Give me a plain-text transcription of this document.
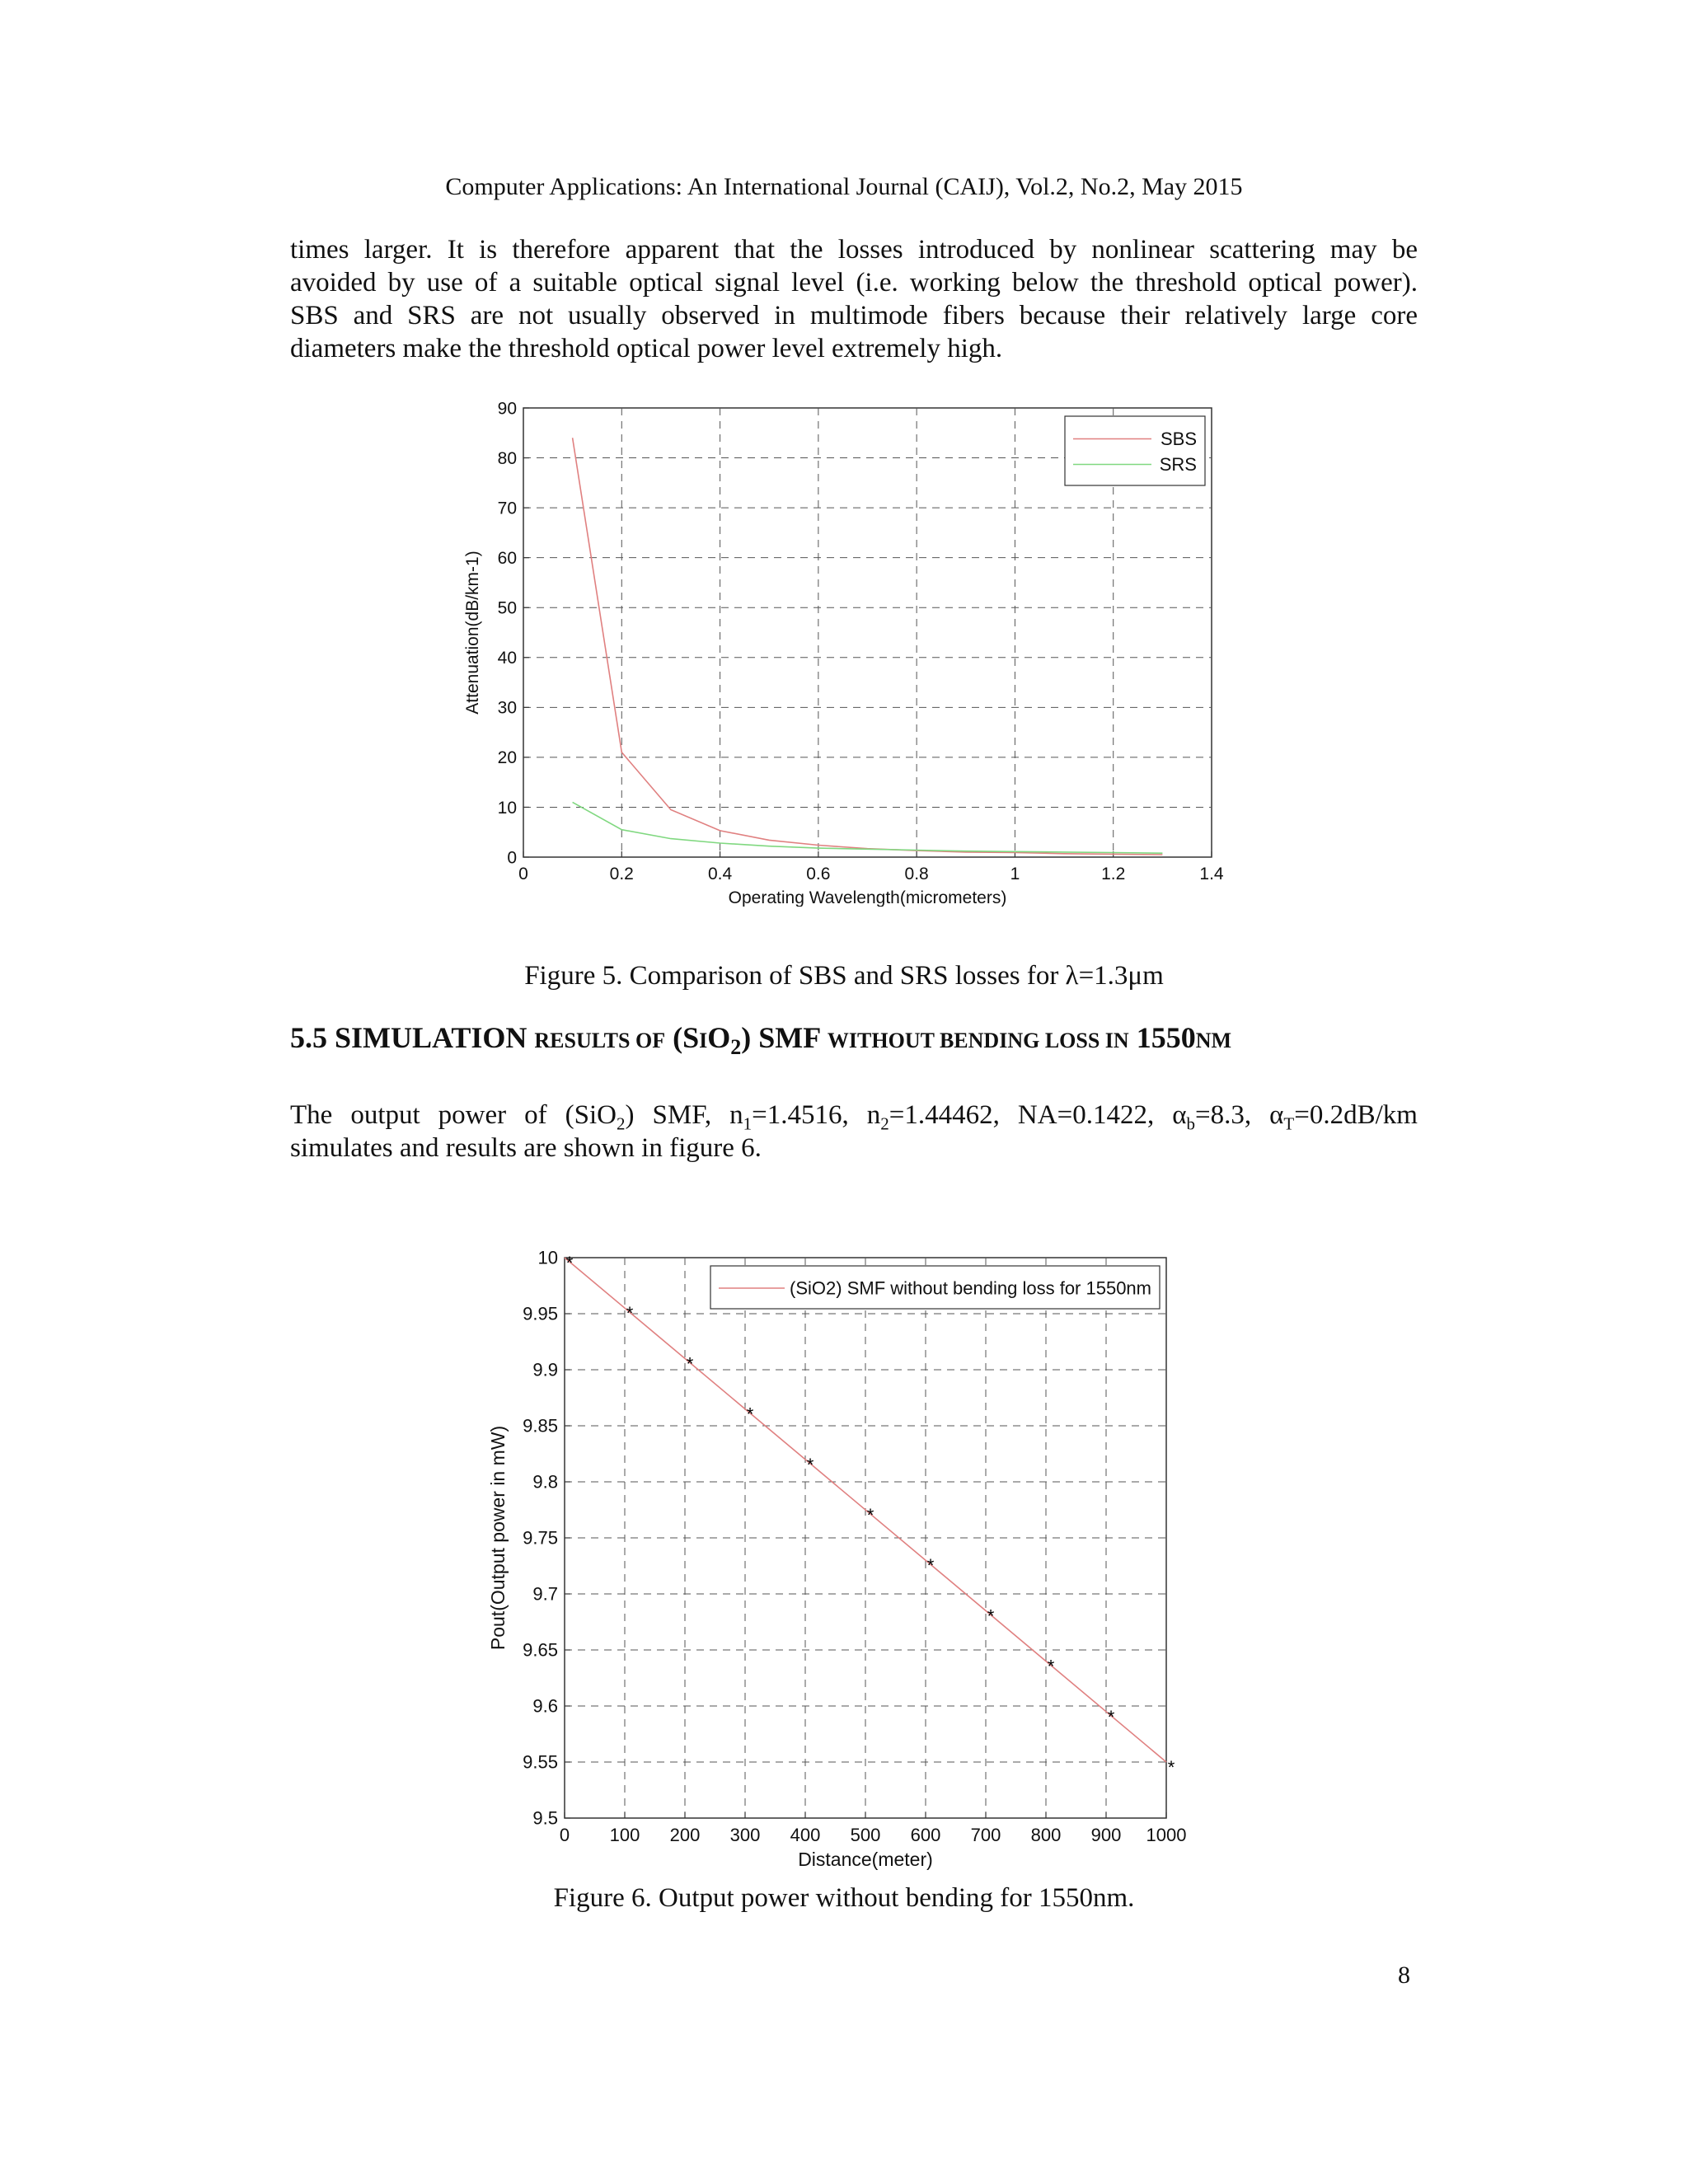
Computer Applications: An International Journal (CAIJ), Vol.2, No.2, May 2015
times larger. It is therefore apparent that the losses introduced by nonlinear scattering may be
avoided by use of a suitable optical signal level (i.e. working below the threshold optical power).
SBS and SRS are not usually observed in multimode fibers because their relatively large core
diameters make the threshold optical power level extremely high.
0	0.2	0.4	0.6	0.8	1	1.2	1.4
0
10
20
30
40
50
60
70
80
90
Operating Wavelength(micrometers)
Attenuation(dB/km-1)
SBS
SRS
Figure 5. Comparison of SBS and SRS losses for λ=1.3μm
5.5 SIMULATION RESULTS OF $(SIO_2)$ SMF WITHOUT BENDING LOSS IN 1550NM
The output power of (SiO$_2$) SMF, $n_1=1.4516$, $n_2=1.44462$, NA=0.1422, $\alpha_b=8.3$, $\alpha_T=0.2dB/km$
simulates and results are shown in figure 6.
0 100 200 300 400 500 600 700 800 900 1000
9.5
9.55
9.6
9.65
9.7
9.75
9.8
9.85
9.9
9.95
10
Distance(meter)
Pout(Output power in mW)
*
*
*
*
*
*
*
*
*
*
*
(SiO2) SMF without bending loss for 1550nm
Figure 6. Output power without bending for 1550nm.
8
